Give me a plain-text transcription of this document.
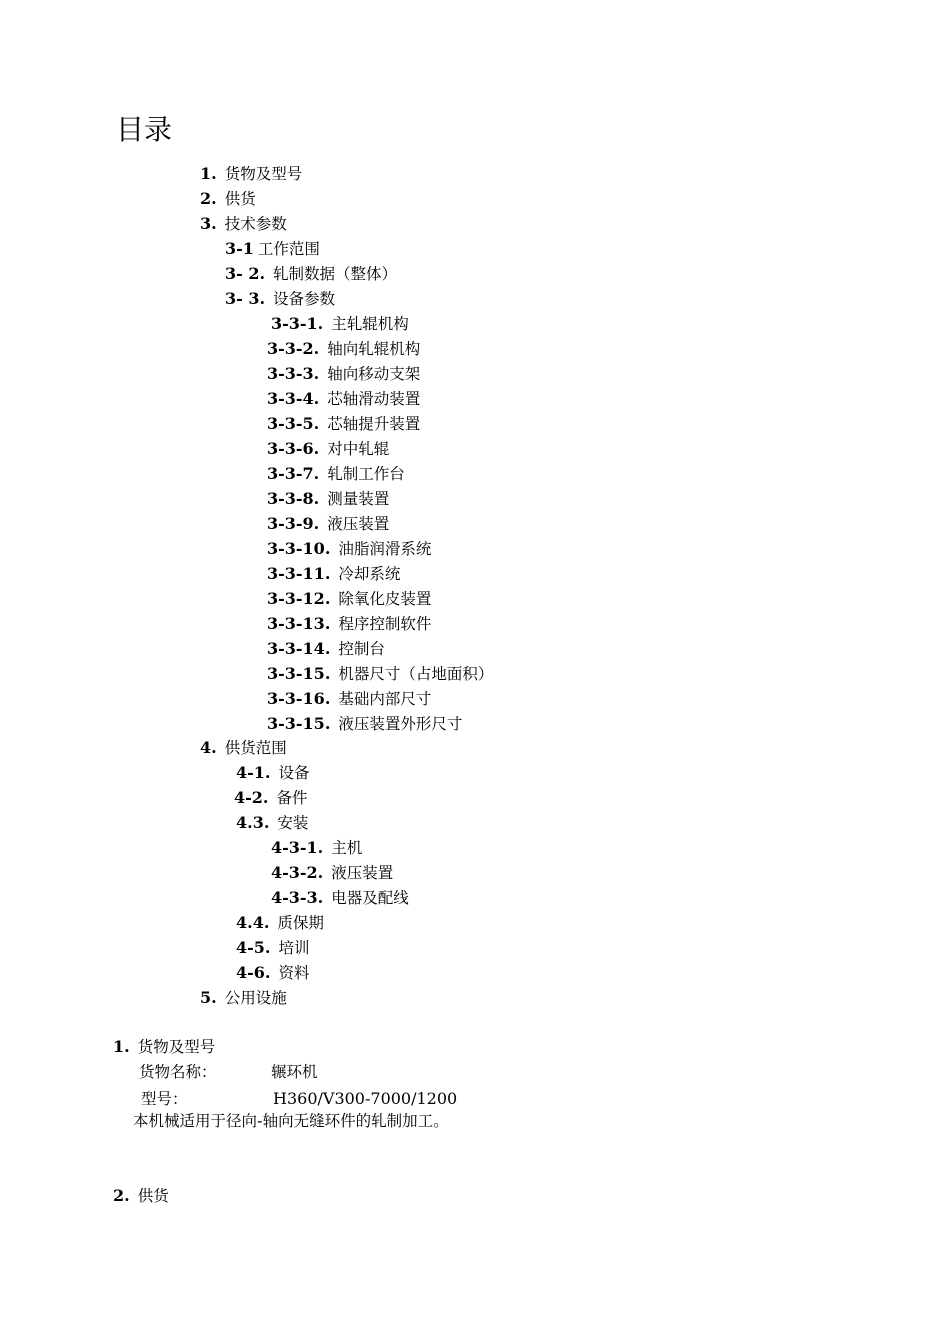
目录
1. 货物及型号
2. 供货
3. 技术参数
3-1 工作范围
3- 2. 轧制数据（整体）
3- 3. 设备参数
3-3-1. 主轧辊机构
3-3-2. 轴向轧辊机构
3-3-3. 轴向移动支架
3-3-4. 芯轴滑动装置
3-3-5. 芯轴提升装置
3-3-6. 对中轧辊
3-3-7. 轧制工作台
3-3-8. 测量装置
3-3-9. 液压装置
3-3-10. 油脂润滑系统
3-3-11. 冷却系统
3-3-12. 除氧化皮装置
3-3-13. 程序控制软件
3-3-14. 控制台
3-3-15. 机器尺寸（占地面积）
3-3-16. 基础内部尺寸
3-3-15. 液压装置外形尺寸
4. 供货范围
4-1. 设备
4-2. 备件
4.3. 安装
4-3-1. 主机
4-3-2. 液压装置
4-3-3. 电器及配线
4.4. 质保期
4-5. 培训
4-6. 资料
5. 公用设施
1. 货物及型号
货物名称：	辗环机
型号：	H360/V300-7000/1200
本机械适用于径向-轴向无缝环件的轧制加工。
2. 供货
